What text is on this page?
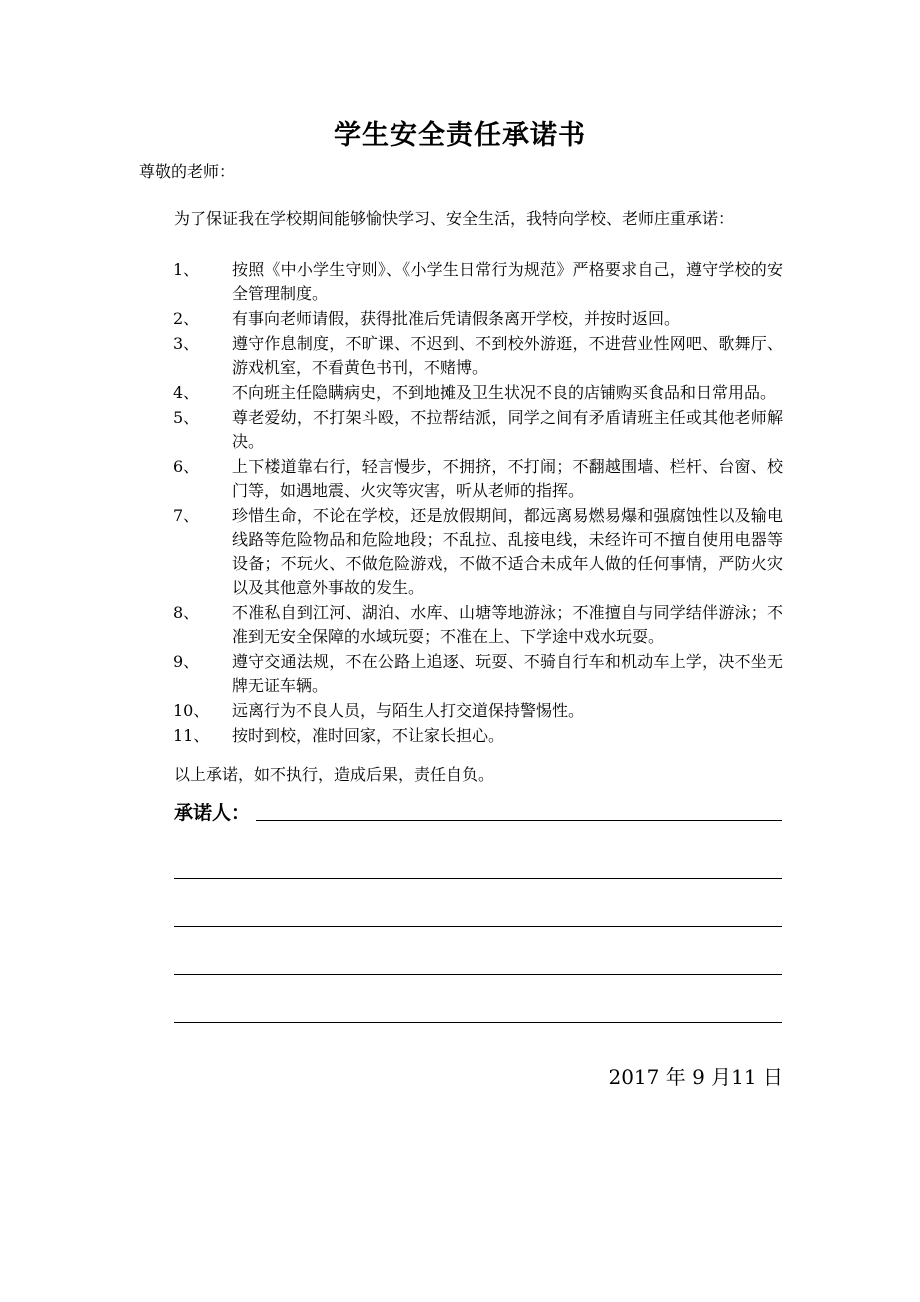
学生安全责任承诺书
尊敬的老师：
为了保证我在学校期间能够愉快学习、安全生活，我特向学校、老师庄重承诺：
1、	按照《中小学生守则》、《小学生日常行为规范》严格要求自己，遵守学校的安全管理制度。
2、	有事向老师请假，获得批准后凭请假条离开学校，并按时返回。
3、	遵守作息制度，不旷课、不迟到、不到校外游逛，不进营业性网吧、歌舞厅、游戏机室，不看黄色书刊，不赌博。
4、	不向班主任隐瞒病史，不到地摊及卫生状况不良的店铺购买食品和日常用品。
5、	尊老爱幼，不打架斗殴，不拉帮结派，同学之间有矛盾请班主任或其他老师解决。
6、	上下楼道靠右行，轻言慢步，不拥挤，不打闹；不翻越围墙、栏杆、台窗、校门等，如遇地震、火灾等灾害，听从老师的指挥。
7、	珍惜生命，不论在学校，还是放假期间，都远离易燃易爆和强腐蚀性以及输电线路等危险物品和危险地段；不乱拉、乱接电线，未经许可不擅自使用电器等设备；不玩火、不做危险游戏，不做不适合未成年人做的任何事情，严防火灾以及其他意外事故的发生。
8、	不准私自到江河、湖泊、水库、山塘等地游泳；不准擅自与同学结伴游泳；不准到无安全保障的水域玩耍；不准在上、下学途中戏水玩耍。
9、	遵守交通法规，不在公路上追逐、玩耍、不骑自行车和机动车上学，决不坐无牌无证车辆。
10、	远离行为不良人员，与陌生人打交道保持警惕性。
11、	按时到校，准时回家，不让家长担心。
以上承诺，如不执行，造成后果，责任自负。
承诺人：
2017 年 9 月11 日
